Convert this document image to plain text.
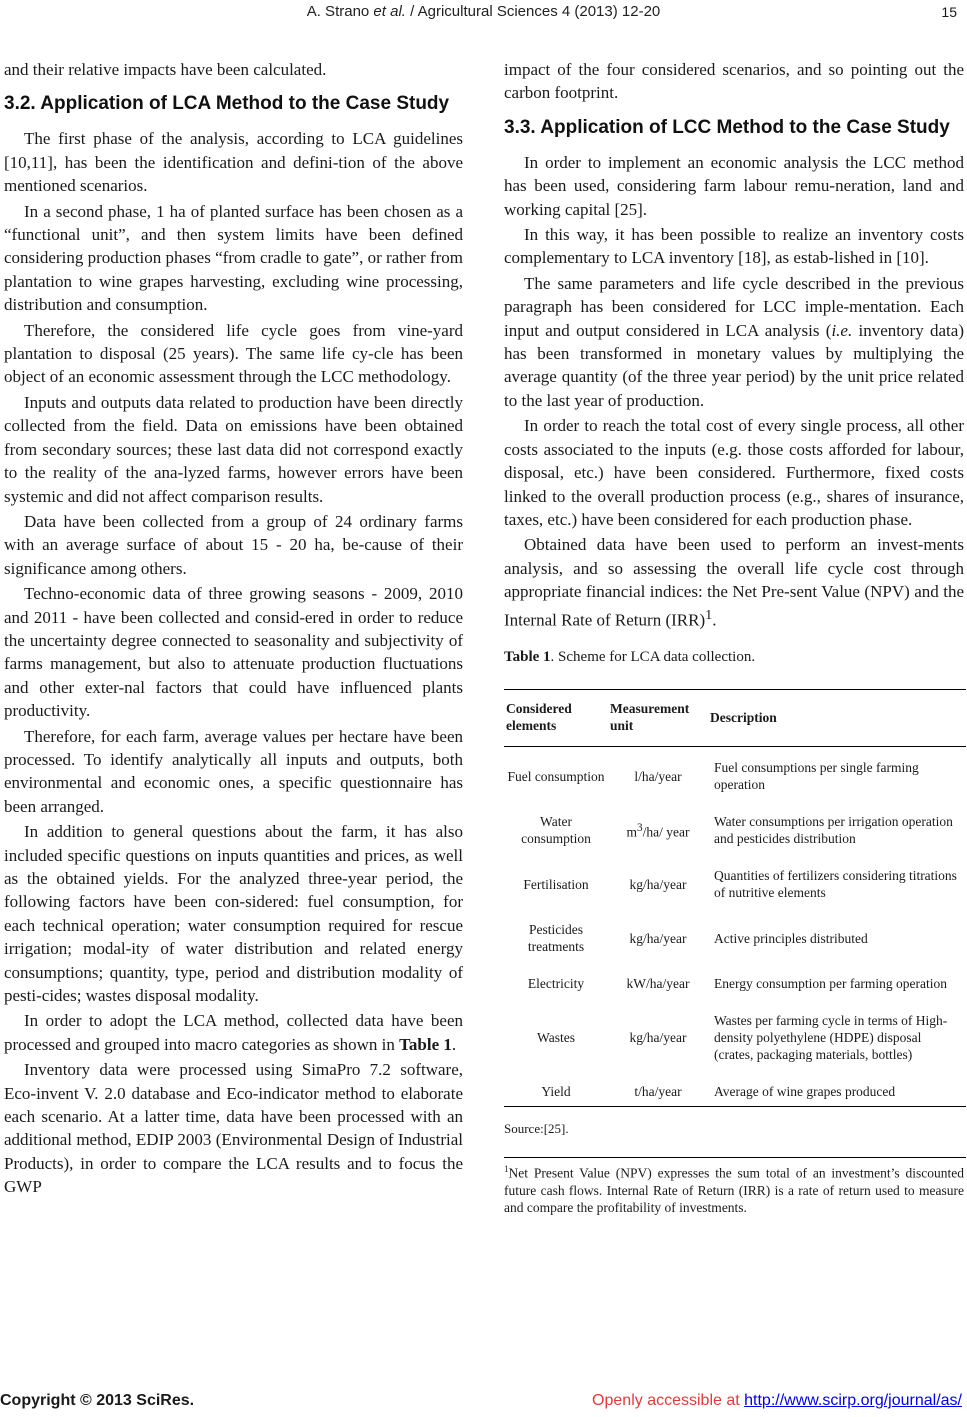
A. Strano et al. / Agricultural Sciences 4 (2013) 12-20	15

and their relative impacts have been calculated.

3.2. Application of LCA Method to the Case Study

The first phase of the analysis, according to LCA guidelines [10,11], has been the identification and defini-tion of the above mentioned scenarios.

In a second phase, 1 ha of planted surface has been chosen as a “functional unit”, and then system limits have been defined considering production phases “from cradle to gate”, or rather from plantation to wine grapes harvesting, excluding wine processing, distribution and consumption.

Therefore, the considered life cycle goes from vine-yard plantation to disposal (25 years). The same life cy-cle has been object of an economic assessment through the LCC methodology.

Inputs and outputs data related to production have been directly collected from the field. Data on emissions have been obtained from secondary sources; these last data did not correspond exactly to the reality of the ana-lyzed farms, however errors have been systemic and did not affect comparison results.

Data have been collected from a group of 24 ordinary farms with an average surface of about 15 - 20 ha, be-cause of their significance among others.

Techno-economic data of three growing seasons - 2009, 2010 and 2011 - have been collected and consid-ered in order to reduce the uncertainty degree connected to seasonality and subjectivity of farms management, but also to attenuate production fluctuations and other exter-nal factors that could have influenced plants productivity.

Therefore, for each farm, average values per hectare have been processed. To identify analytically all inputs and outputs, both environmental and economic ones, a specific questionnaire has been arranged.

In addition to general questions about the farm, it has also included specific questions on inputs quantities and prices, as well as the obtained yields. For the analyzed three-year period, the following factors have been con-sidered: fuel consumption, for each technical operation; water consumption required for rescue irrigation; modal-ity of water distribution and related energy consumptions; quantity, type, period and distribution modality of pesti-cides; wastes disposal modality.

In order to adopt the LCA method, collected data have been processed and grouped into macro categories as shown in Table 1.

Inventory data were processed using SimaPro 7.2 software, Eco-invent V. 2.0 database and Eco-indicator method to elaborate each scenario. At a latter time, data have been processed with an additional method, EDIP 2003 (Environmental Design of Industrial Products), in order to compare the LCA results and to focus the GWP

impact of the four considered scenarios, and so pointing out the carbon footprint.

3.3. Application of LCC Method to the Case Study

In order to implement an economic analysis the LCC method has been used, considering farm labour remu-neration, land and working capital [25].

In this way, it has been possible to realize an inventory costs complementary to LCA inventory [18], as estab-lished in [10].

The same parameters and life cycle described in the previous paragraph has been considered for LCC imple-mentation. Each input and output considered in LCA analysis (i.e. inventory data) has been transformed in monetary values by multiplying the average quantity (of the three year period) by the unit price related to the last year of production.

In order to reach the total cost of every single process, all other costs associated to the inputs (e.g. those costs afforded for labour, disposal, etc.) have been considered. Furthermore, fixed costs linked to the overall production process (e.g., shares of insurance, taxes, etc.) have been considered for each production phase.

Obtained data have been used to perform an invest-ments analysis, and so assessing the overall life cycle cost through appropriate financial indices: the Net Pre-sent Value (NPV) and the Internal Rate of Return (IRR)$^1$.

Table 1. Scheme for LCA data collection.
Considered elements	Measurement unit	Description
Fuel consumption	l/ha/year	Fuel consumptions per single farming operation
Water consumption	$m^3/ha/$ year	Water consumptions per irrigation operation and pesticides distribution
Fertilisation	kg/ha/year	Quantities of fertilizers considering titrations of nutritive elements
Pesticides treatments	kg/ha/year	Active principles distributed
Electricity	kW/ha/year	Energy consumption per farming operation
Wastes	kg/ha/year	Wastes per farming cycle in terms of High-density polyethylene (HDPE) disposal (crates, packaging materials, bottles)
Yield	t/ha/year	Average of wine grapes produced
Source:[25].
$^1$Net Present Value (NPV) expresses the sum total of an investment’s discounted future cash flows. Internal Rate of Return (IRR) is a rate of return used to measure and compare the profitability of investments.
Copyright © 2013 SciRes.	Openly accessible at http://www.scirp.org/journal/as/
